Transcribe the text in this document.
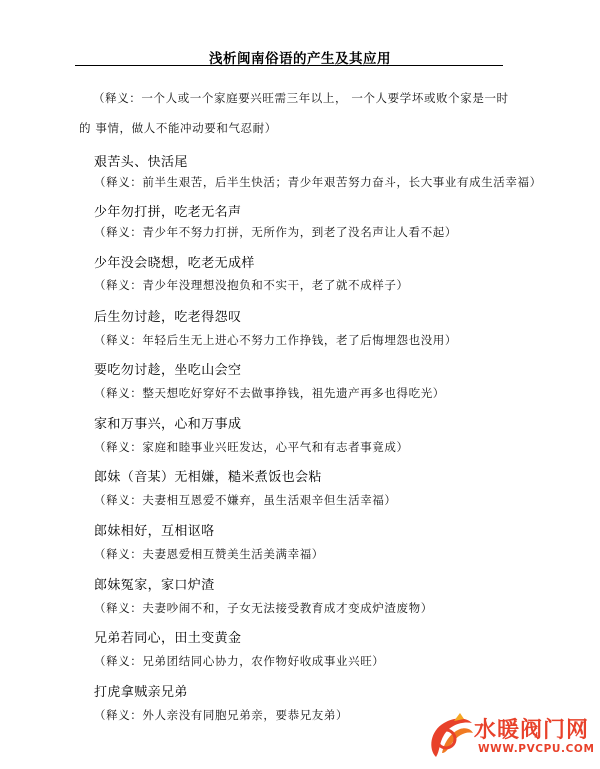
浅析闽南俗语的产生及其应用
（释义：一个人或一个家庭要兴旺需三年以上， 一个人要学坏或败个家是一时
的 事情，做人不能冲动要和气忍耐）
艰苦头、快活尾
（释义：前半生艰苦，后半生快活；青少年艰苦努力奋斗，长大事业有成生活幸福）
少年勿打拼，吃老无名声
（释义：青少年不努力打拼，无所作为，到老了没名声让人看不起）
少年没会晓想，吃老无成样
（释义：青少年没理想没抱负和不实干，老了就不成样子）
后生勿讨趁，吃老得怨叹
（释义：年轻后生无上进心不努力工作挣钱，老了后悔埋怨也没用）
要吃勿讨趁，坐吃山会空
（释义：整天想吃好穿好不去做事挣钱，祖先遗产再多也得吃光）
家和万事兴，心和万事成
（释义：家庭和睦事业兴旺发达，心平气和有志者事竟成）
郎妹（音某）无相嫌，糙米煮饭也会粘
（释义：夫妻相互恩爱不嫌弃，虽生活艰辛但生活幸福）
郎妹相好，互相讴咯
（释义：夫妻恩爱相互赞美生活美满幸福）
郎妹冤家，家口炉渣
（释义：夫妻吵闹不和，子女无法接受教育成才变成炉渣废物）
兄弟若同心，田土变黄金
（释义：兄弟团结同心协力，农作物好收成事业兴旺）
打虎拿贼亲兄弟
（释义：外人亲没有同胞兄弟亲，要恭兄友弟）
水暖阀门网
WWW.PVCPU.COM
